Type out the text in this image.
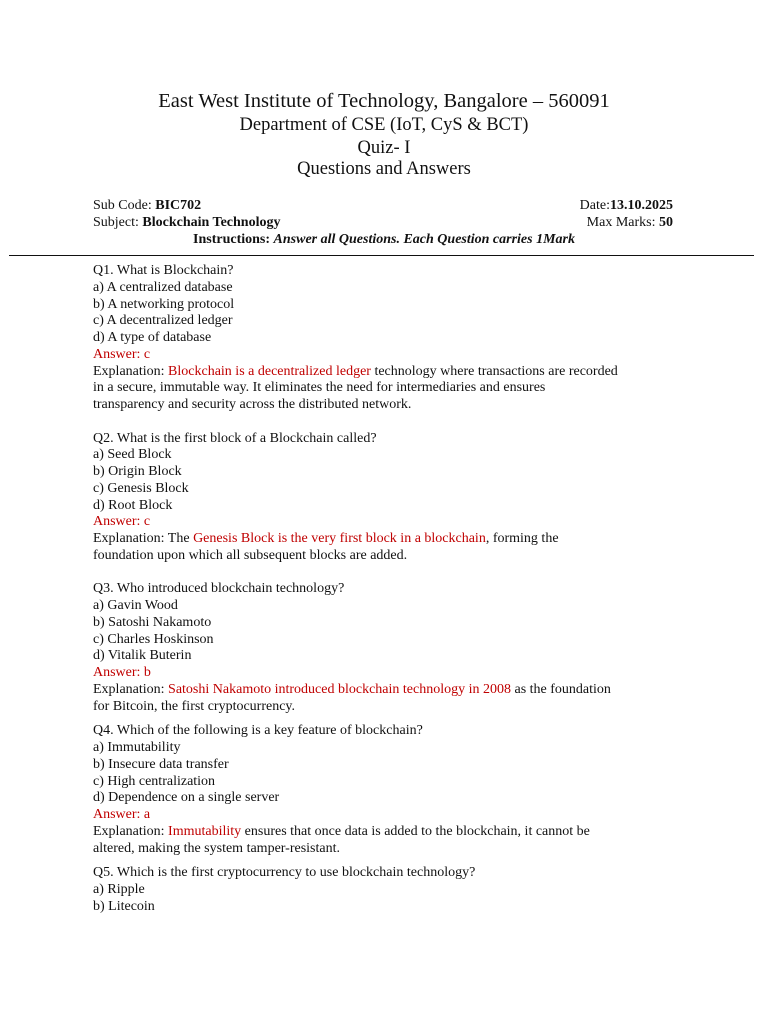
East West Institute of Technology, Bangalore – 560091
Department of CSE (IoT, CyS & BCT)
Quiz- I
Questions and Answers
Sub Code: BIC702	Date:13.10.2025
Subject: Blockchain Technology	Max Marks: 50
Instructions: Answer all Questions. Each Question carries 1Mark
Q1. What is Blockchain?
a) A centralized database
b) A networking protocol
c) A decentralized ledger
d) A type of database
Answer: c
Explanation: Blockchain is a decentralized ledger technology where transactions are recorded
in a secure, immutable way. It eliminates the need for intermediaries and ensures
transparency and security across the distributed network.
Q2. What is the first block of a Blockchain called?
a) Seed Block
b) Origin Block
c) Genesis Block
d) Root Block
Answer: c
Explanation: The Genesis Block is the very first block in a blockchain, forming the
foundation upon which all subsequent blocks are added.
Q3. Who introduced blockchain technology?
a) Gavin Wood
b) Satoshi Nakamoto
c) Charles Hoskinson
d) Vitalik Buterin
Answer: b
Explanation: Satoshi Nakamoto introduced blockchain technology in 2008 as the foundation
for Bitcoin, the first cryptocurrency.
Q4. Which of the following is a key feature of blockchain?
a) Immutability
b) Insecure data transfer
c) High centralization
d) Dependence on a single server
Answer: a
Explanation: Immutability ensures that once data is added to the blockchain, it cannot be
altered, making the system tamper-resistant.
Q5. Which is the first cryptocurrency to use blockchain technology?
a) Ripple
b) Litecoin
